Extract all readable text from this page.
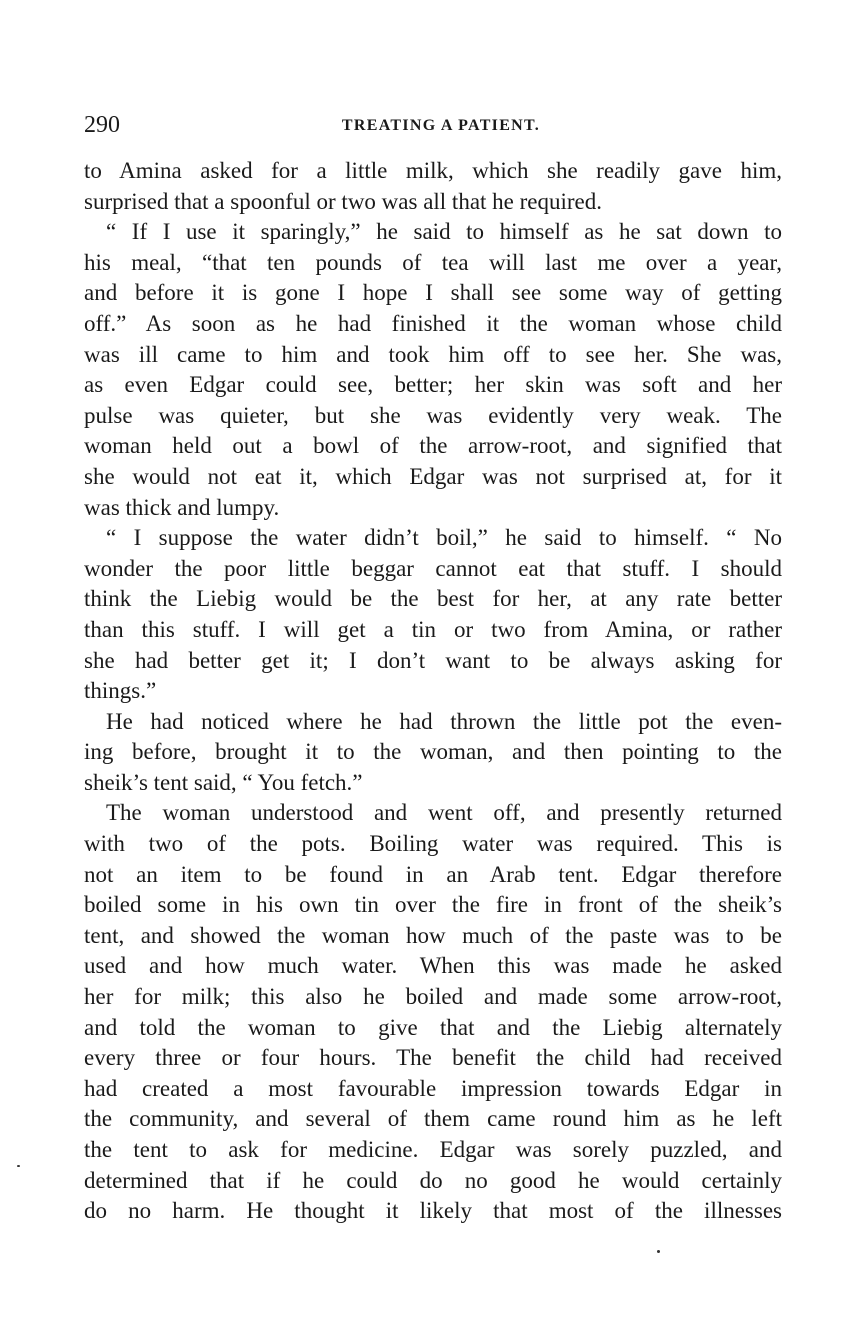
290	TREATING A PATIENT.
to Amina asked for a little milk, which she readily gave him,
surprised that a spoonful or two was all that he required.
“ If I use it sparingly,” he said to himself as he sat down to
his meal, “that ten pounds of tea will last me over a year,
and before it is gone I hope I shall see some way of getting
off.” As soon as he had finished it the woman whose child
was ill came to him and took him off to see her. She was,
as even Edgar could see, better; her skin was soft and her
pulse was quieter, but she was evidently very weak. The
woman held out a bowl of the arrow-root, and signified that
she would not eat it, which Edgar was not surprised at, for it
was thick and lumpy.
“ I suppose the water didn’t boil,” he said to himself. “ No
wonder the poor little beggar cannot eat that stuff. I should
think the Liebig would be the best for her, at any rate better
than this stuff. I will get a tin or two from Amina, or rather
she had better get it; I don’t want to be always asking for
things.”
He had noticed where he had thrown the little pot the even-
ing before, brought it to the woman, and then pointing to the
sheik’s tent said, “ You fetch.”
The woman understood and went off, and presently returned
with two of the pots. Boiling water was required. This is
not an item to be found in an Arab tent. Edgar therefore
boiled some in his own tin over the fire in front of the sheik’s
tent, and showed the woman how much of the paste was to be
used and how much water. When this was made he asked
her for milk; this also he boiled and made some arrow-root,
and told the woman to give that and the Liebig alternately
every three or four hours. The benefit the child had received
had created a most favourable impression towards Edgar in
the community, and several of them came round him as he left
the tent to ask for medicine. Edgar was sorely puzzled, and
determined that if he could do no good he would certainly
do no harm. He thought it likely that most of the illnesses
